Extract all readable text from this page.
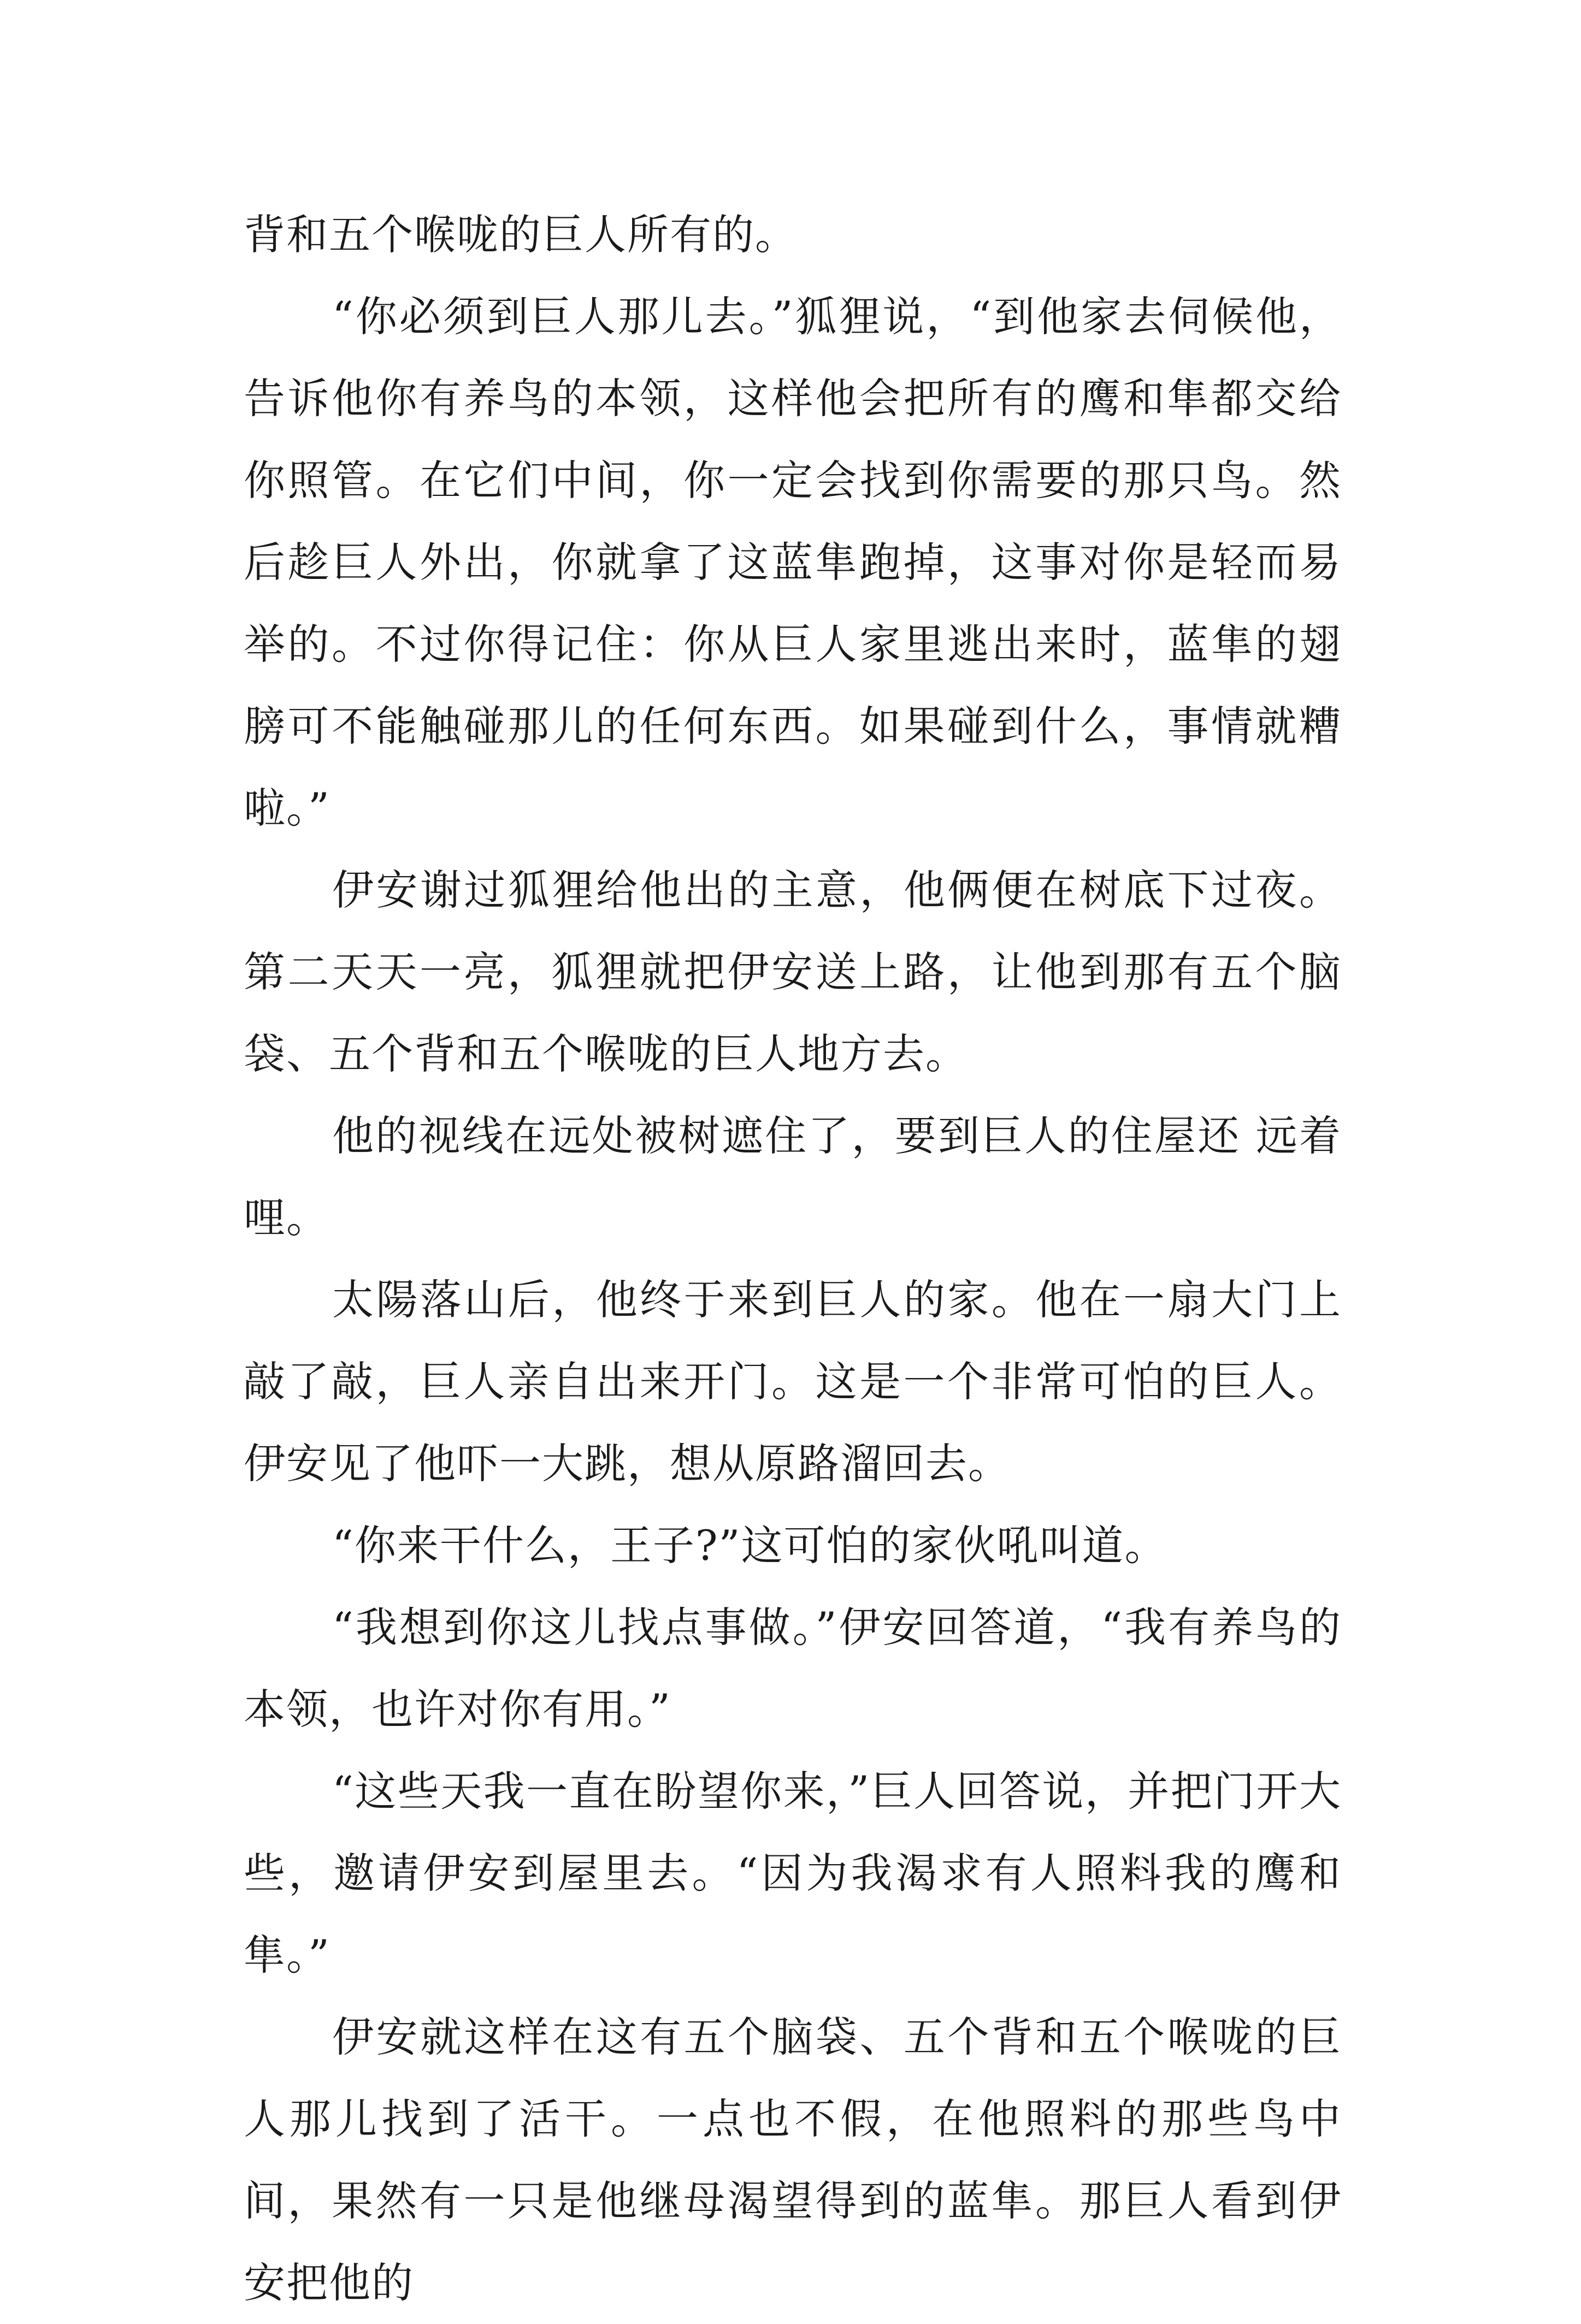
背和五个喉咙的巨人所有的。

“你必须到巨人那儿去。”狐狸说，“到他家去伺候他，告诉他你有养鸟的本领，这样他会把所有的鹰和隼都交给你照管。在它们中间，你一定会找到你需要的那只鸟。然后趁巨人外出，你就拿了这蓝隼跑掉，这事对你是轻而易举的。不过你得记住：你从巨人家里逃出来时，蓝隼的翅膀可不能触碰那儿的任何东西。如果碰到什么，事情就糟啦。”

伊安谢过狐狸给他出的主意，他俩便在树底下过夜。第二天天一亮，狐狸就把伊安送上路，让他到那有五个脑袋、五个背和五个喉咙的巨人地方去。

他的视线在远处被树遮住了，要到巨人的住屋还 远着哩。

太陽落山后，他终于来到巨人的家。他在一扇大门上敲了敲，巨人亲自出来开门。这是一个非常可怕的巨人。伊安见了他吓一大跳，想从原路溜回去。

“你来干什么，王子?”这可怕的家伙吼叫道。

“我想到你这儿找点事做。”伊安回答道，“我有养鸟的本领，也许对你有用。”

“这些天我一直在盼望你来，”巨人回答说，并把门开大些，邀请伊安到屋里去。“因为我渴求有人照料我的鹰和隼。”

伊安就这样在这有五个脑袋、五个背和五个喉咙的巨人那儿找到了活干。一点也不假，在他照料的那些鸟中间，果然有一只是他继母渴望得到的蓝隼。那巨人看到伊安把他的
